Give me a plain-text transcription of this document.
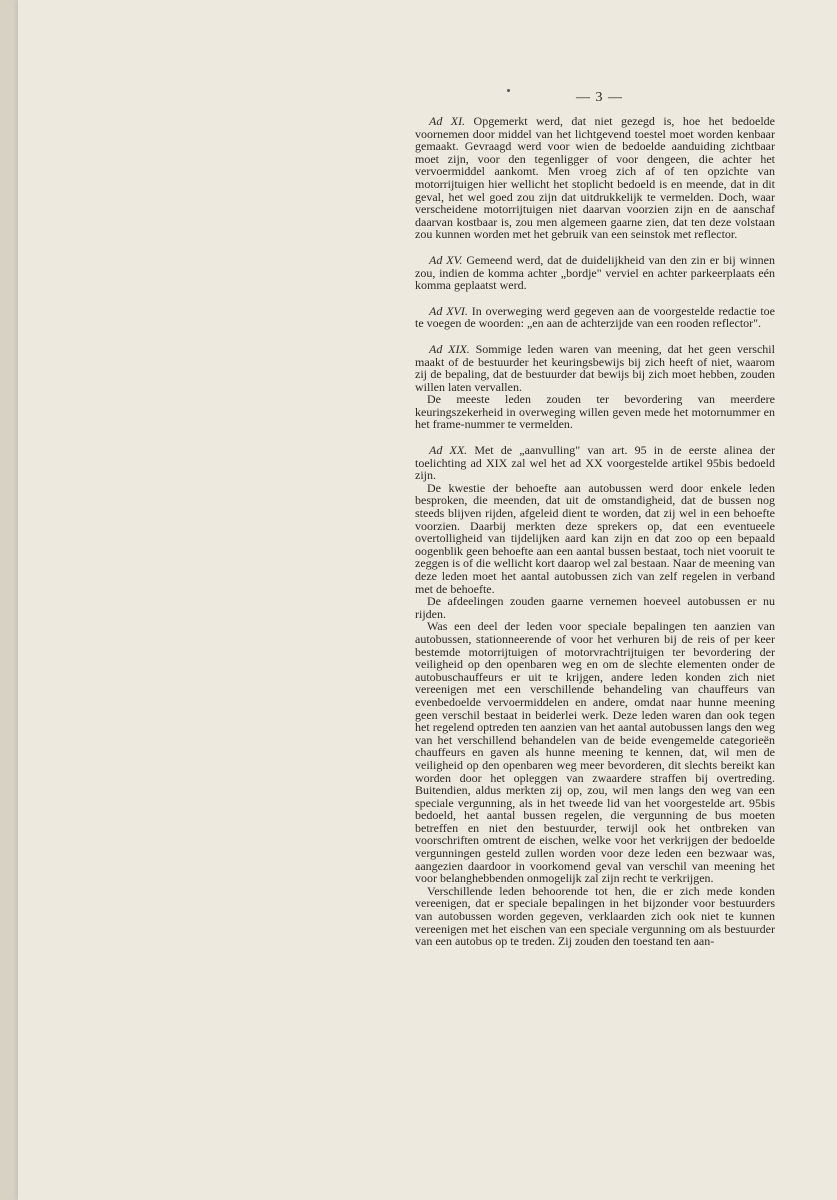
— 3 —

Ad XI. Opgemerkt werd, dat niet gezegd is, hoe het bedoelde voornemen door middel van het lichtgevend toestel moet worden kenbaar gemaakt. Gevraagd werd voor wien de bedoelde aanduiding zichtbaar moet zijn, voor den tegenligger of voor dengeen, die achter het vervoermiddel aankomt. Men vroeg zich af of ten opzichte van motorrijtuigen hier wellicht het stoplicht bedoeld is en meende, dat in dit geval, het wel goed zou zijn dat uitdrukkelijk te vermelden. Doch, waar verscheidene motorrijtuigen niet daarvan voorzien zijn en de aanschaf daarvan kostbaar is, zou men algemeen gaarne zien, dat ten deze volstaan zou kunnen worden met het gebruik van een seinstok met reflector.

Ad XV. Gemeend werd, dat de duidelijkheid van den zin er bij winnen zou, indien de komma achter „bordje" verviel en achter parkeerplaats eén komma geplaatst werd.

Ad XVI. In overweging werd gegeven aan de voorgestelde redactie toe te voegen de woorden: „en aan de achterzijde van een rooden reflector".

Ad XIX. Sommige leden waren van meening, dat het geen verschil maakt of de bestuurder het keuringsbewijs bij zich heeft of niet, waarom zij de bepaling, dat de bestuurder dat bewijs bij zich moet hebben, zouden willen laten vervallen.

De meeste leden zouden ter bevordering van meerdere keuringszekerheid in overweging willen geven mede het motornummer en het frame-nummer te vermelden.

Ad XX. Met de „aanvulling" van art. 95 in de eerste alinea der toelichting ad XIX zal wel het ad XX voorgestelde artikel 95bis bedoeld zijn.

De kwestie der behoefte aan autobussen werd door enkele leden besproken, die meenden, dat uit de omstandigheid, dat de bussen nog steeds blijven rijden, afgeleid dient te worden, dat zij wel in een behoefte voorzien. Daarbij merkten deze sprekers op, dat een eventueele overtolligheid van tijdelijken aard kan zijn en dat zoo op een bepaald oogenblik geen behoefte aan een aantal bussen bestaat, toch niet vooruit te zeggen is of die wellicht kort daarop wel zal bestaan. Naar de meening van deze leden moet het aantal autobussen zich van zelf regelen in verband met de behoefte.

De afdeelingen zouden gaarne vernemen hoeveel autobussen er nu rijden.

Was een deel der leden voor speciale bepalingen ten aanzien van autobussen, stationneerende of voor het verhuren bij de reis of per keer bestemde motorrijtuigen of motorvrachtrijtuigen ter bevordering der veiligheid op den openbaren weg en om de slechte elementen onder de autobuschauffeurs er uit te krijgen, andere leden konden zich niet vereenigen met een verschillende behandeling van chauffeurs van evenbedoelde vervoermiddelen en andere, omdat naar hunne meening geen verschil bestaat in beiderlei werk. Deze leden waren dan ook tegen het regelend optreden ten aanzien van het aantal autobussen langs den weg van het verschillend behandelen van de beide evengemelde categorieën chauffeurs en gaven als hunne meening te kennen, dat, wil men de veiligheid op den openbaren weg meer bevorderen, dit slechts bereikt kan worden door het opleggen van zwaardere straffen bij overtreding. Buitendien, aldus merkten zij op, zou, wil men langs den weg van een speciale vergunning, als in het tweede lid van het voorgestelde art. 95bis bedoeld, het aantal bussen regelen, die vergunning de bus moeten betreffen en niet den bestuurder, terwijl ook het ontbreken van voorschriften omtrent de eischen, welke voor het verkrijgen der bedoelde vergunningen gesteld zullen worden voor deze leden een bezwaar was, aangezien daardoor in voorkomend geval van verschil van meening het voor belanghebbenden onmogelijk zal zijn recht te verkrijgen.

Verschillende leden behoorende tot hen, die er zich mede konden vereenigen, dat er speciale bepalingen in het bijzonder voor bestuurders van autobussen worden gegeven, verklaarden zich ook niet te kunnen vereenigen met het eischen van een speciale vergunning om als bestuurder van een autobus op te treden. Zij zouden den toestand ten aan-
